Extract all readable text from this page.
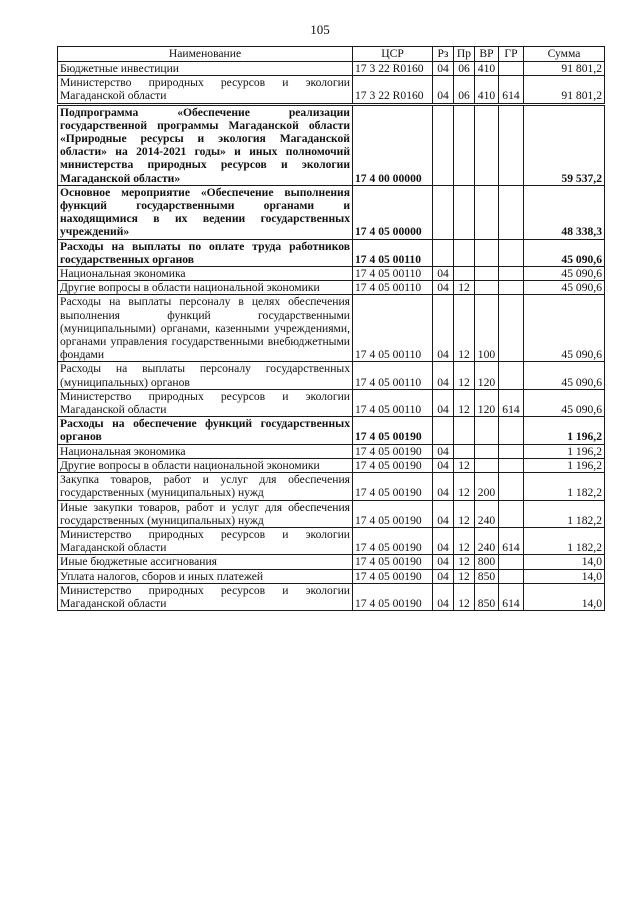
105
Наименование	ЦСР	Рз	Пр	ВР	ГР	Сумма
Бюджетные инвестиции	17 3 22 R0160	04	06	410		91 801,2
Министерство природных ресурсов и экологии Магаданской области	17 3 22 R0160	04	06	410	614	91 801,2
Подпрограмма «Обеспечение реализации государственной программы Магаданской области «Природные ресурсы и экология Магаданской области» на 2014-2021 годы» и иных полномочий министерства природных ресурсов и экологии Магаданской области»	17 4 00 00000					59 537,2
Основное мероприятие «Обеспечение выполнения функций государственными органами и находящимися в их ведении государственных учреждений»	17 4 05 00000					48 338,3
Расходы на выплаты по оплате труда работников государственных органов	17 4 05 00110					45 090,6
Национальная экономика	17 4 05 00110	04				45 090,6
Другие вопросы в области национальной экономики	17 4 05 00110	04	12			45 090,6
Расходы на выплаты персоналу в целях обеспечения выполнения функций государственными (муниципальными) органами, казенными учреждениями, органами управления государственными внебюджетными фондами	17 4 05 00110	04	12	100		45 090,6
Расходы на выплаты персоналу государственных (муниципальных) органов	17 4 05 00110	04	12	120		45 090,6
Министерство природных ресурсов и экологии Магаданской области	17 4 05 00110	04	12	120	614	45 090,6
Расходы на обеспечение функций государственных органов	17 4 05 00190					1 196,2
Национальная экономика	17 4 05 00190	04				1 196,2
Другие вопросы в области национальной экономики	17 4 05 00190	04	12			1 196,2
Закупка товаров, работ и услуг для обеспечения государственных (муниципальных) нужд	17 4 05 00190	04	12	200		1 182,2
Иные закупки товаров, работ и услуг для обеспечения государственных (муниципальных) нужд	17 4 05 00190	04	12	240		1 182,2
Министерство природных ресурсов и экологии Магаданской области	17 4 05 00190	04	12	240	614	1 182,2
Иные бюджетные ассигнования	17 4 05 00190	04	12	800		14,0
Уплата налогов, сборов и иных платежей	17 4 05 00190	04	12	850		14,0
Министерство природных ресурсов и экологии Магаданской области	17 4 05 00190	04	12	850	614	14,0
